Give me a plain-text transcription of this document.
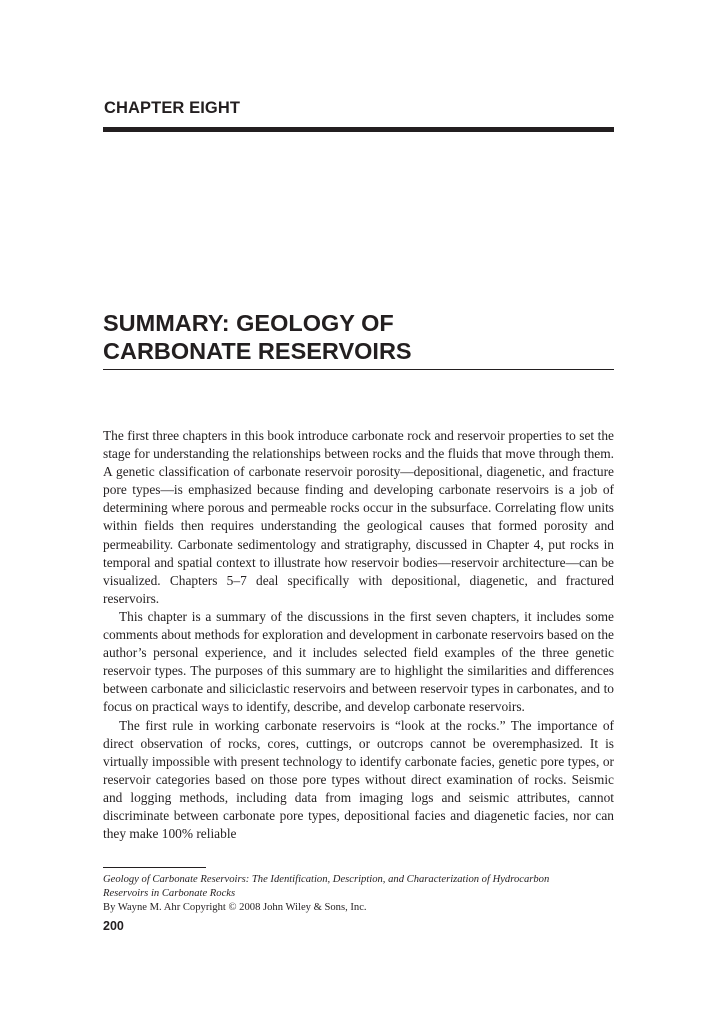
CHAPTER EIGHT
SUMMARY: GEOLOGY OF
CARBONATE RESERVOIRS

The first three chapters in this book introduce carbonate rock and reservoir properties to set the stage for understanding the relationships between rocks and the fluids that move through them. A genetic classification of carbonate reservoir porosity—depositional, diagenetic, and fracture pore types—is emphasized because finding and developing carbonate reservoirs is a job of determining where porous and permeable rocks occur in the subsurface. Correlating flow units within fields then requires understanding the geological causes that formed porosity and permeability. Carbonate sedimentology and stratigraphy, discussed in Chapter 4, put rocks in temporal and spatial context to illustrate how reservoir bodies—reservoir architecture—can be visualized. Chapters 5–7 deal specifically with depositional, diagenetic, and fractured reservoirs.

This chapter is a summary of the discussions in the first seven chapters, it includes some comments about methods for exploration and development in carbonate reservoirs based on the author’s personal experience, and it includes selected field examples of the three genetic reservoir types. The purposes of this summary are to highlight the similarities and differences between carbonate and siliciclastic reservoirs and between reservoir types in carbonates, and to focus on practical ways to identify, describe, and develop carbonate reservoirs.

The first rule in working carbonate reservoirs is “look at the rocks.” The importance of direct observation of rocks, cores, cuttings, or outcrops cannot be overemphasized. It is virtually impossible with present technology to identify carbonate facies, genetic pore types, or reservoir categories based on those pore types without direct examination of rocks. Seismic and logging methods, including data from imaging logs and seismic attributes, cannot discriminate between carbonate pore types, depositional facies and diagenetic facies, nor can they make 100% reliable

Geology of Carbonate Reservoirs: The Identification, Description, and Characterization of Hydrocarbon
Reservoirs in Carbonate Rocks
By Wayne M. Ahr Copyright © 2008 John Wiley & Sons, Inc.
200
